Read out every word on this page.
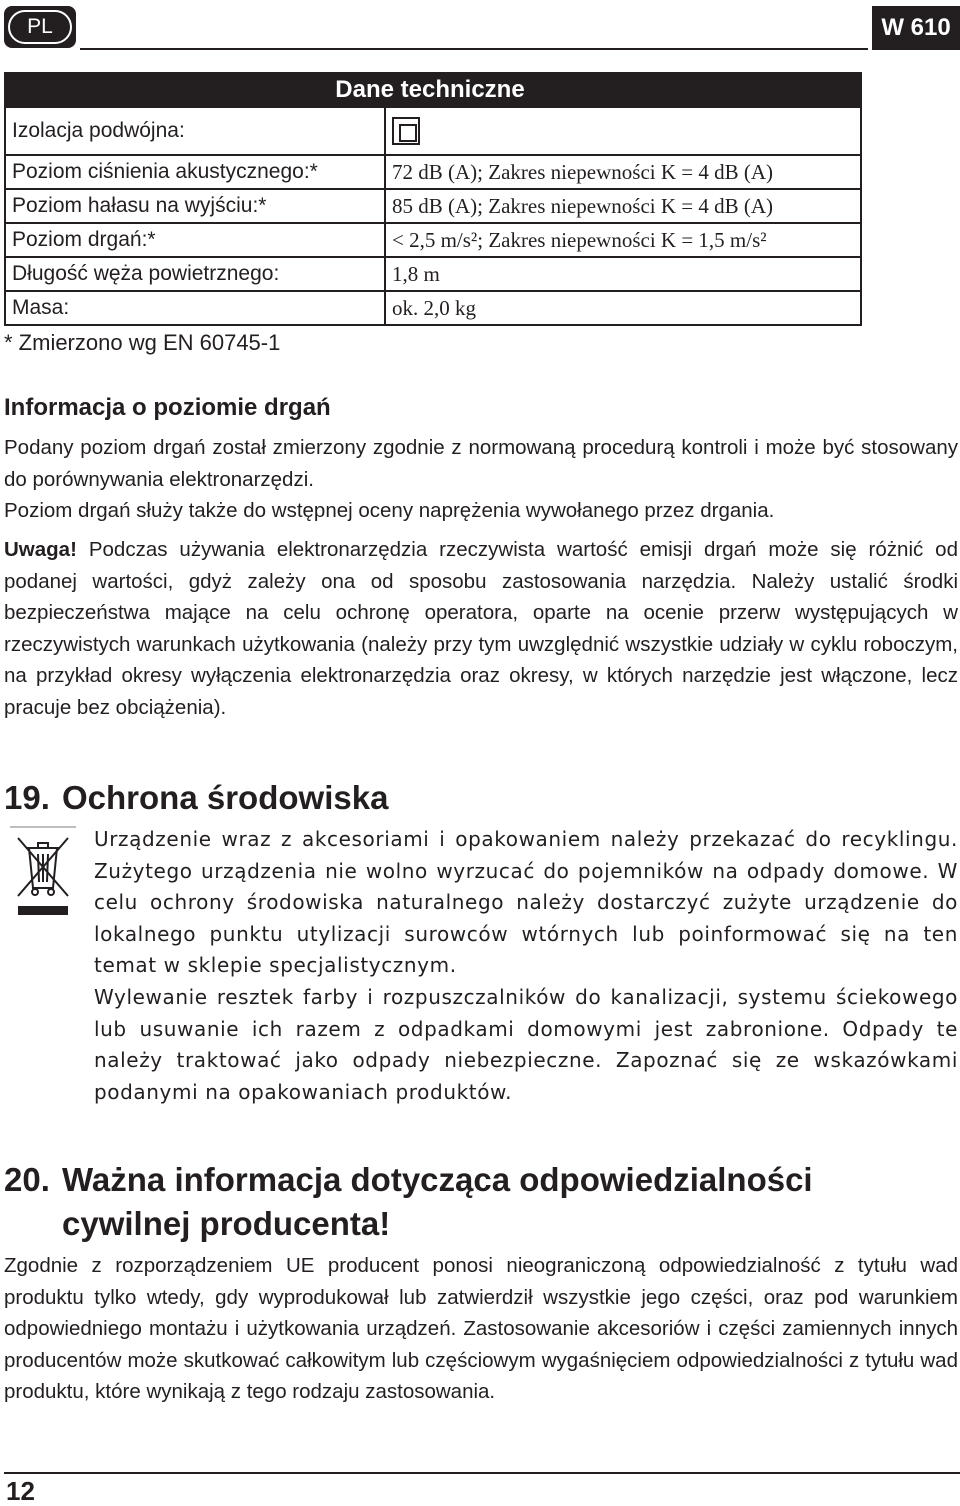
PL	W 610
Dane techniczne	
Izolacja podwójna:	
Poziom ciśnienia akustycznego:*	72 dB (A); Zakres niepewności K = 4 dB (A)
Poziom hałasu na wyjściu:*	85 dB (A); Zakres niepewności K = 4 dB (A)
Poziom drgań:*	< 2,5 m/s²; Zakres niepewności K = 1,5 m/s²
Długość węża powietrznego:	1,8 m
Masa:	ok. 2,0 kg
* Zmierzono wg EN 60745-1
Informacja o poziomie drgań

Podany poziom drgań został zmierzony zgodnie z normowaną procedurą kontroli i może być stosowany do porównywania elektronarzędzi.

Poziom drgań służy także do wstępnej oceny naprężenia wywołanego przez drgania.

Uwaga! Podczas używania elektronarzędzia rzeczywista wartość emisji drgań może się różnić od podanej wartości, gdyż zależy ona od sposobu zastosowania narzędzia. Należy ustalić środki bezpieczeństwa mające na celu ochronę operatora, oparte na ocenie przerw występujących w rzeczywistych warunkach użytkowania (należy przy tym uwzględnić wszystkie udziały w cyklu roboczym, na przykład okresy wyłączenia elektronarzędzia oraz okresy, w których narzędzie jest włączone, lecz pracuje bez obciążenia).

19. Ochrona środowiska

Urządzenie wraz z akcesoriami i opakowaniem należy przekazać do recyklingu. Zużytego urządzenia nie wolno wyrzucać do pojemników na odpady domowe. W celu ochrony środowiska naturalnego należy dostarczyć zużyte urządzenie do lokalnego punktu utylizacji surowców wtórnych lub poinformować się na ten temat w sklepie specjalistycznym.

Wylewanie resztek farby i rozpuszczalników do kanalizacji, systemu ściekowego lub usuwanie ich razem z odpadkami domowymi jest zabronione. Odpady te należy traktować jako odpady niebezpieczne. Zapoznać się ze wskazówkami podanymi na opakowaniach produktów.

20. Ważna informacja dotycząca odpowiedzialności
cywilnej producenta!

Zgodnie z rozporządzeniem UE producent ponosi nieograniczoną odpowiedzialność z tytułu wad produktu tylko wtedy, gdy wyprodukował lub zatwierdził wszystkie jego części, oraz pod warunkiem odpowiedniego montażu i użytkowania urządzeń. Zastosowanie akcesoriów i części zamiennych innych producentów może skutkować całkowitym lub częściowym wygaśnięciem odpowiedzialności z tytułu wad produktu, które wynikają z tego rodzaju zastosowania.

12
